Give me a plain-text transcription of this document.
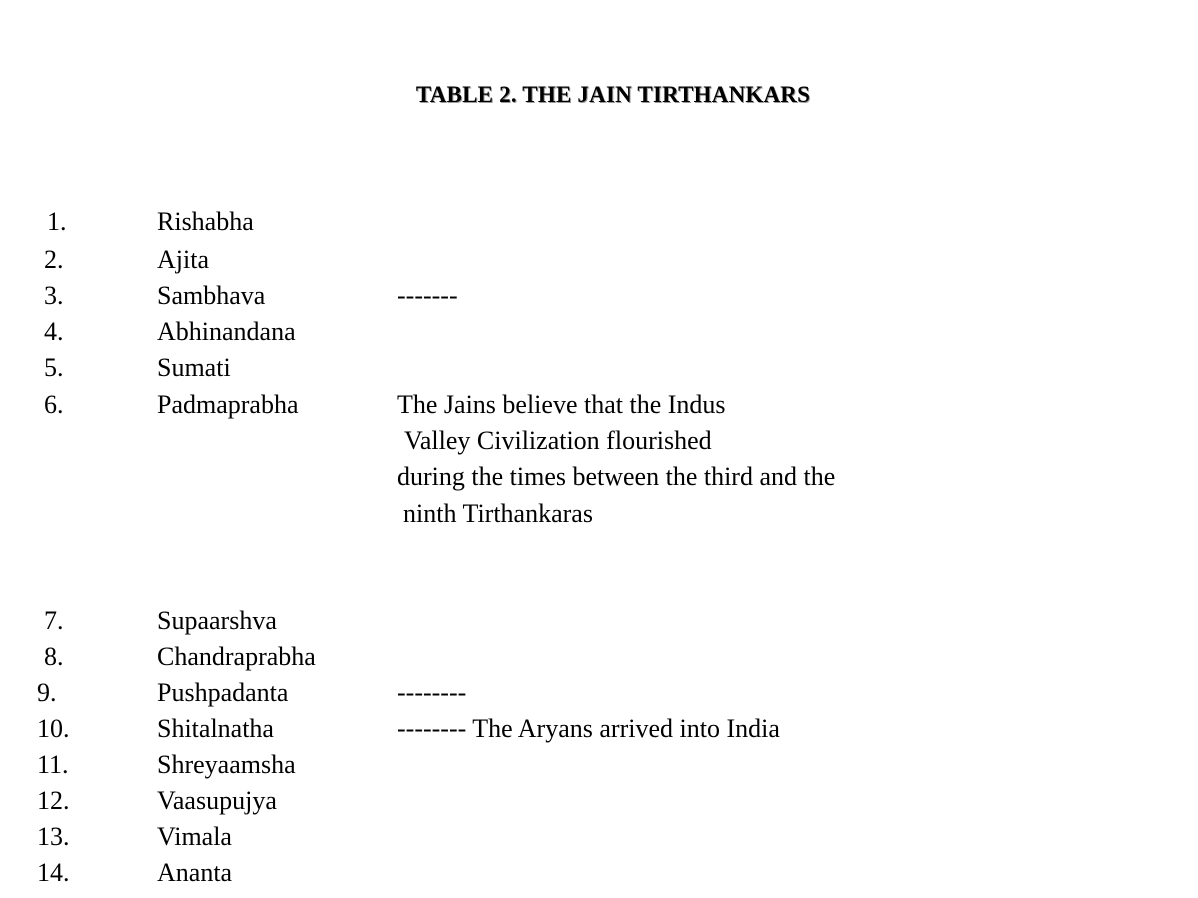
TABLE 2. THE JAIN TIRTHANKARS
1.	Rishabha
2.	Ajita
3.	Sambhava	-------
4.	Abhinandana
5.	Sumati
6.	Padmaprabha	The Jains believe that the Indus
Valley Civilization flourished
during the times between the third and the
ninth Tirthankaras
7.	Supaarshva
8.	Chandraprabha
9.	Pushpadanta	--------
10.	Shitalnatha	-------- The Aryans arrived into India
11.	Shreyaamsha
12.	Vaasupujya
13.	Vimala
14.	Ananta
